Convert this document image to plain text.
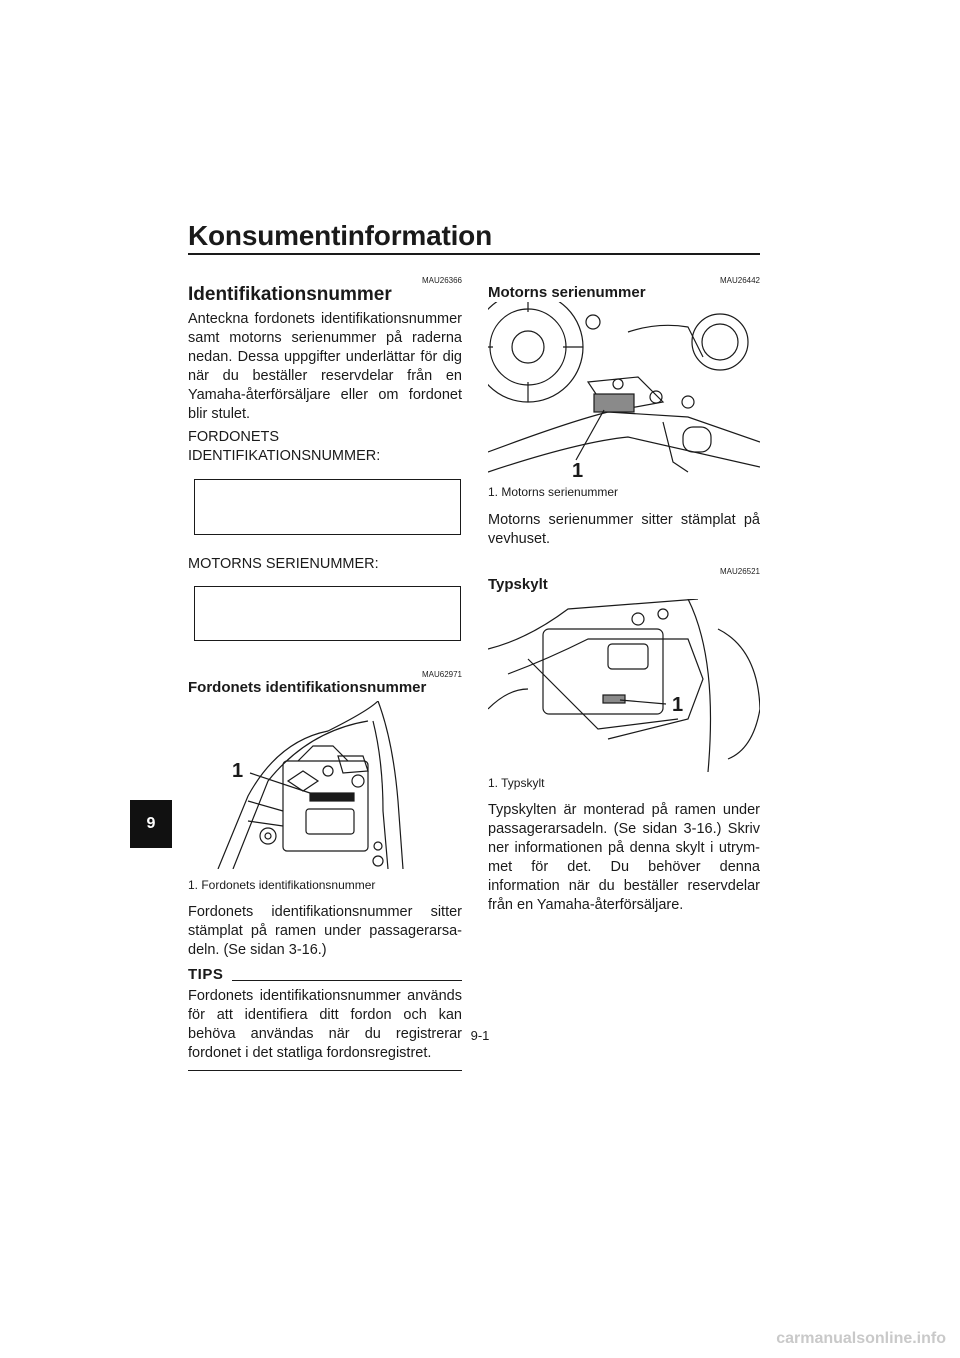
Konsumentinformation
9
MAU26366
Identifikationsnummer

Anteckna fordonets identifikationsnummer samt motorns serienummer på raderna nedan. Dessa uppgifter underlättar för dig när du beställer reservdelar från en Yamaha-återförsäljare eller om fordonet blir stulet.

FORDONETS
IDENTIFIKATIONSNUMMER:
MOTORNS SERIENUMMER:
MAU62971
Fordonets identifikationsnummer
1

1. Fordonets identifikationsnummer

Fordonets identifikationsnummer sitter stämplat på ramen under passagerarsa-deln. (Se sidan 3-16.)

TIPS

Fordonets identifikationsnummer används för att identifiera ditt fordon och kan behöva användas när du registrerar fordonet i det statliga fordonsregistret.

MAU26442
Motorns serienummer
1

1. Motorns serienummer

Motorns serienummer sitter stämplat på vevhuset.

MAU26521
Typskylt
1

1. Typskylt

Typskylten är monterad på ramen under passagerarsadeln. (Se sidan 3-16.) Skriv ner informationen på denna skylt i utrym-met för det. Du behöver denna information när du beställer reservdelar från en Yamaha-återförsäljare.

9-1
carmanualsonline.info
